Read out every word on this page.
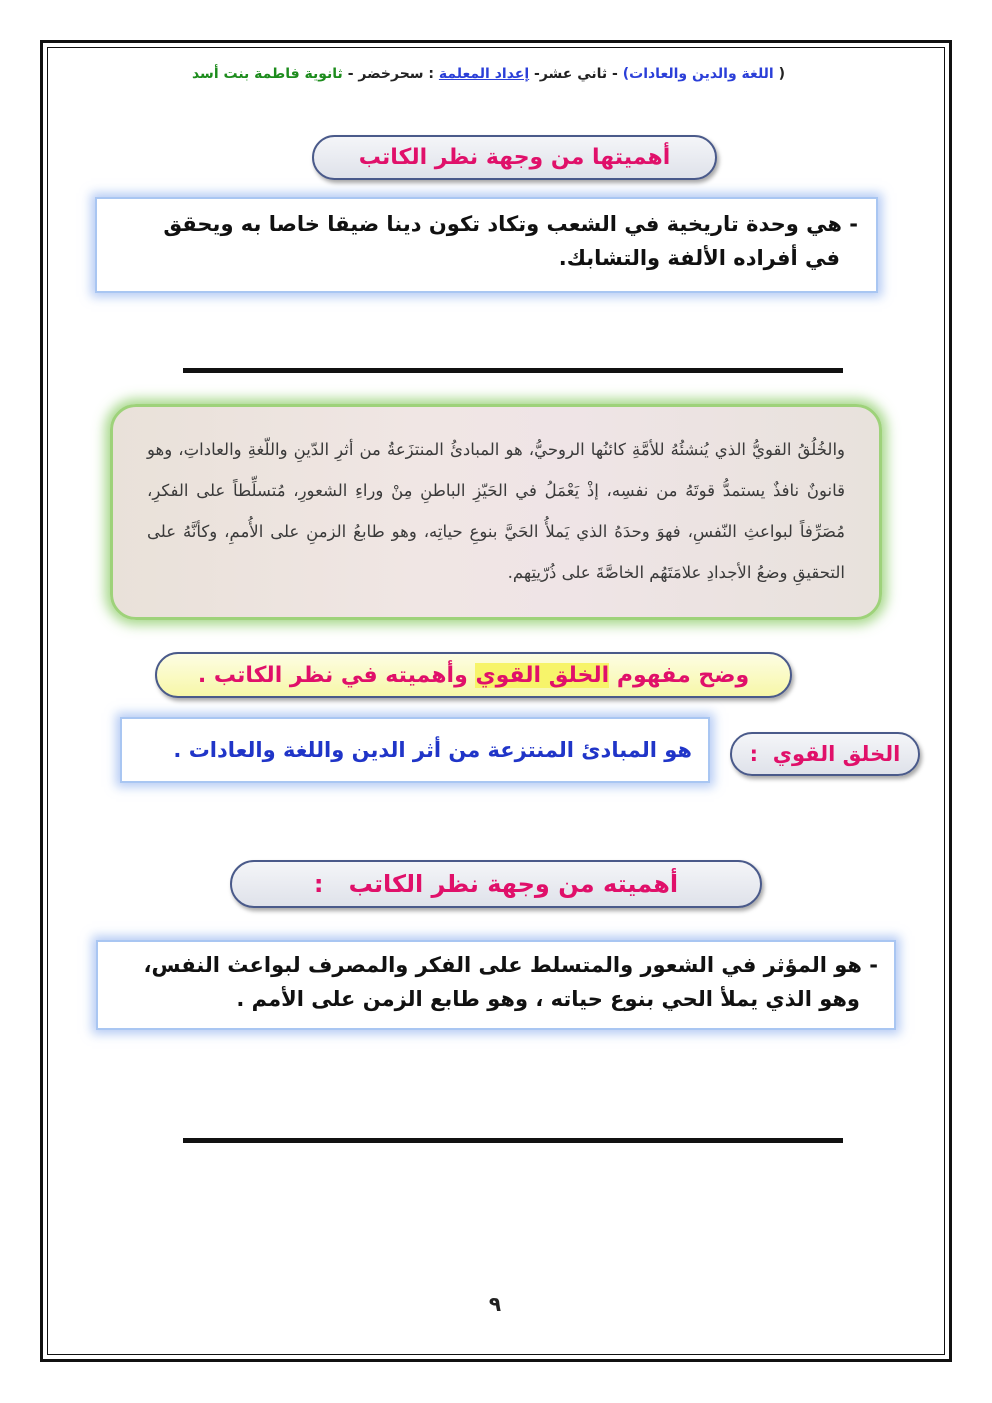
( اللغة والدين والعادات) - ثاني عشر- إعداد المعلمة : سحرخضر - ثانوية فاطمة بنت أسد
أهميتها من وجهة نظر الكاتب

- هي وحدة تاريخية في الشعب وتكاد تكون دينا ضيقا خاصا به ويحقق

في أفراده الألفة والتشابك.

والخُلُقُ القويُّ الذي يُنشئُهُ للأمَّةِ كائنُها الروحيُّ، هو المبادئُ المنتزَعةُ من أثرِ الدّينِ واللّغةِ والعاداتِ، وهو قانونٌ نافذٌ يستمدُّ قوتَهُ من نفسِه، إذْ يَعْمَلُ في الحَيّزِ الباطنِ مِنْ وراءِ الشعورِ، مُتسلِّطاً على الفكرِ، مُصَرِّفاً لبواعثِ النّفسِ، فهوَ وحدَهُ الذي يَملأُ الحَيَّ بنوعِ حياتِه، وهو طابعُ الزمنِ على الأُممِ، وكأنَّهُ على التحقيقِ وضعُ الأجدادِ علامَتَهُم الخاصَّةَ على ذُرّيتِهم.

وضح مفهوم

الخلق القوي

وأهميته في نظر الكاتب .
الخلق القوي

:
هو المبادئ المنتزعة من أثر الدين واللغة والعادات .
أهميته من وجهة نظر الكاتب

:

- هو المؤثر في الشعور والمتسلط على الفكر والمصرف لبواعث النفس،

وهو الذي يملأ الحي بنوع حياته ، وهو طابع الزمن على الأمم .

٩
